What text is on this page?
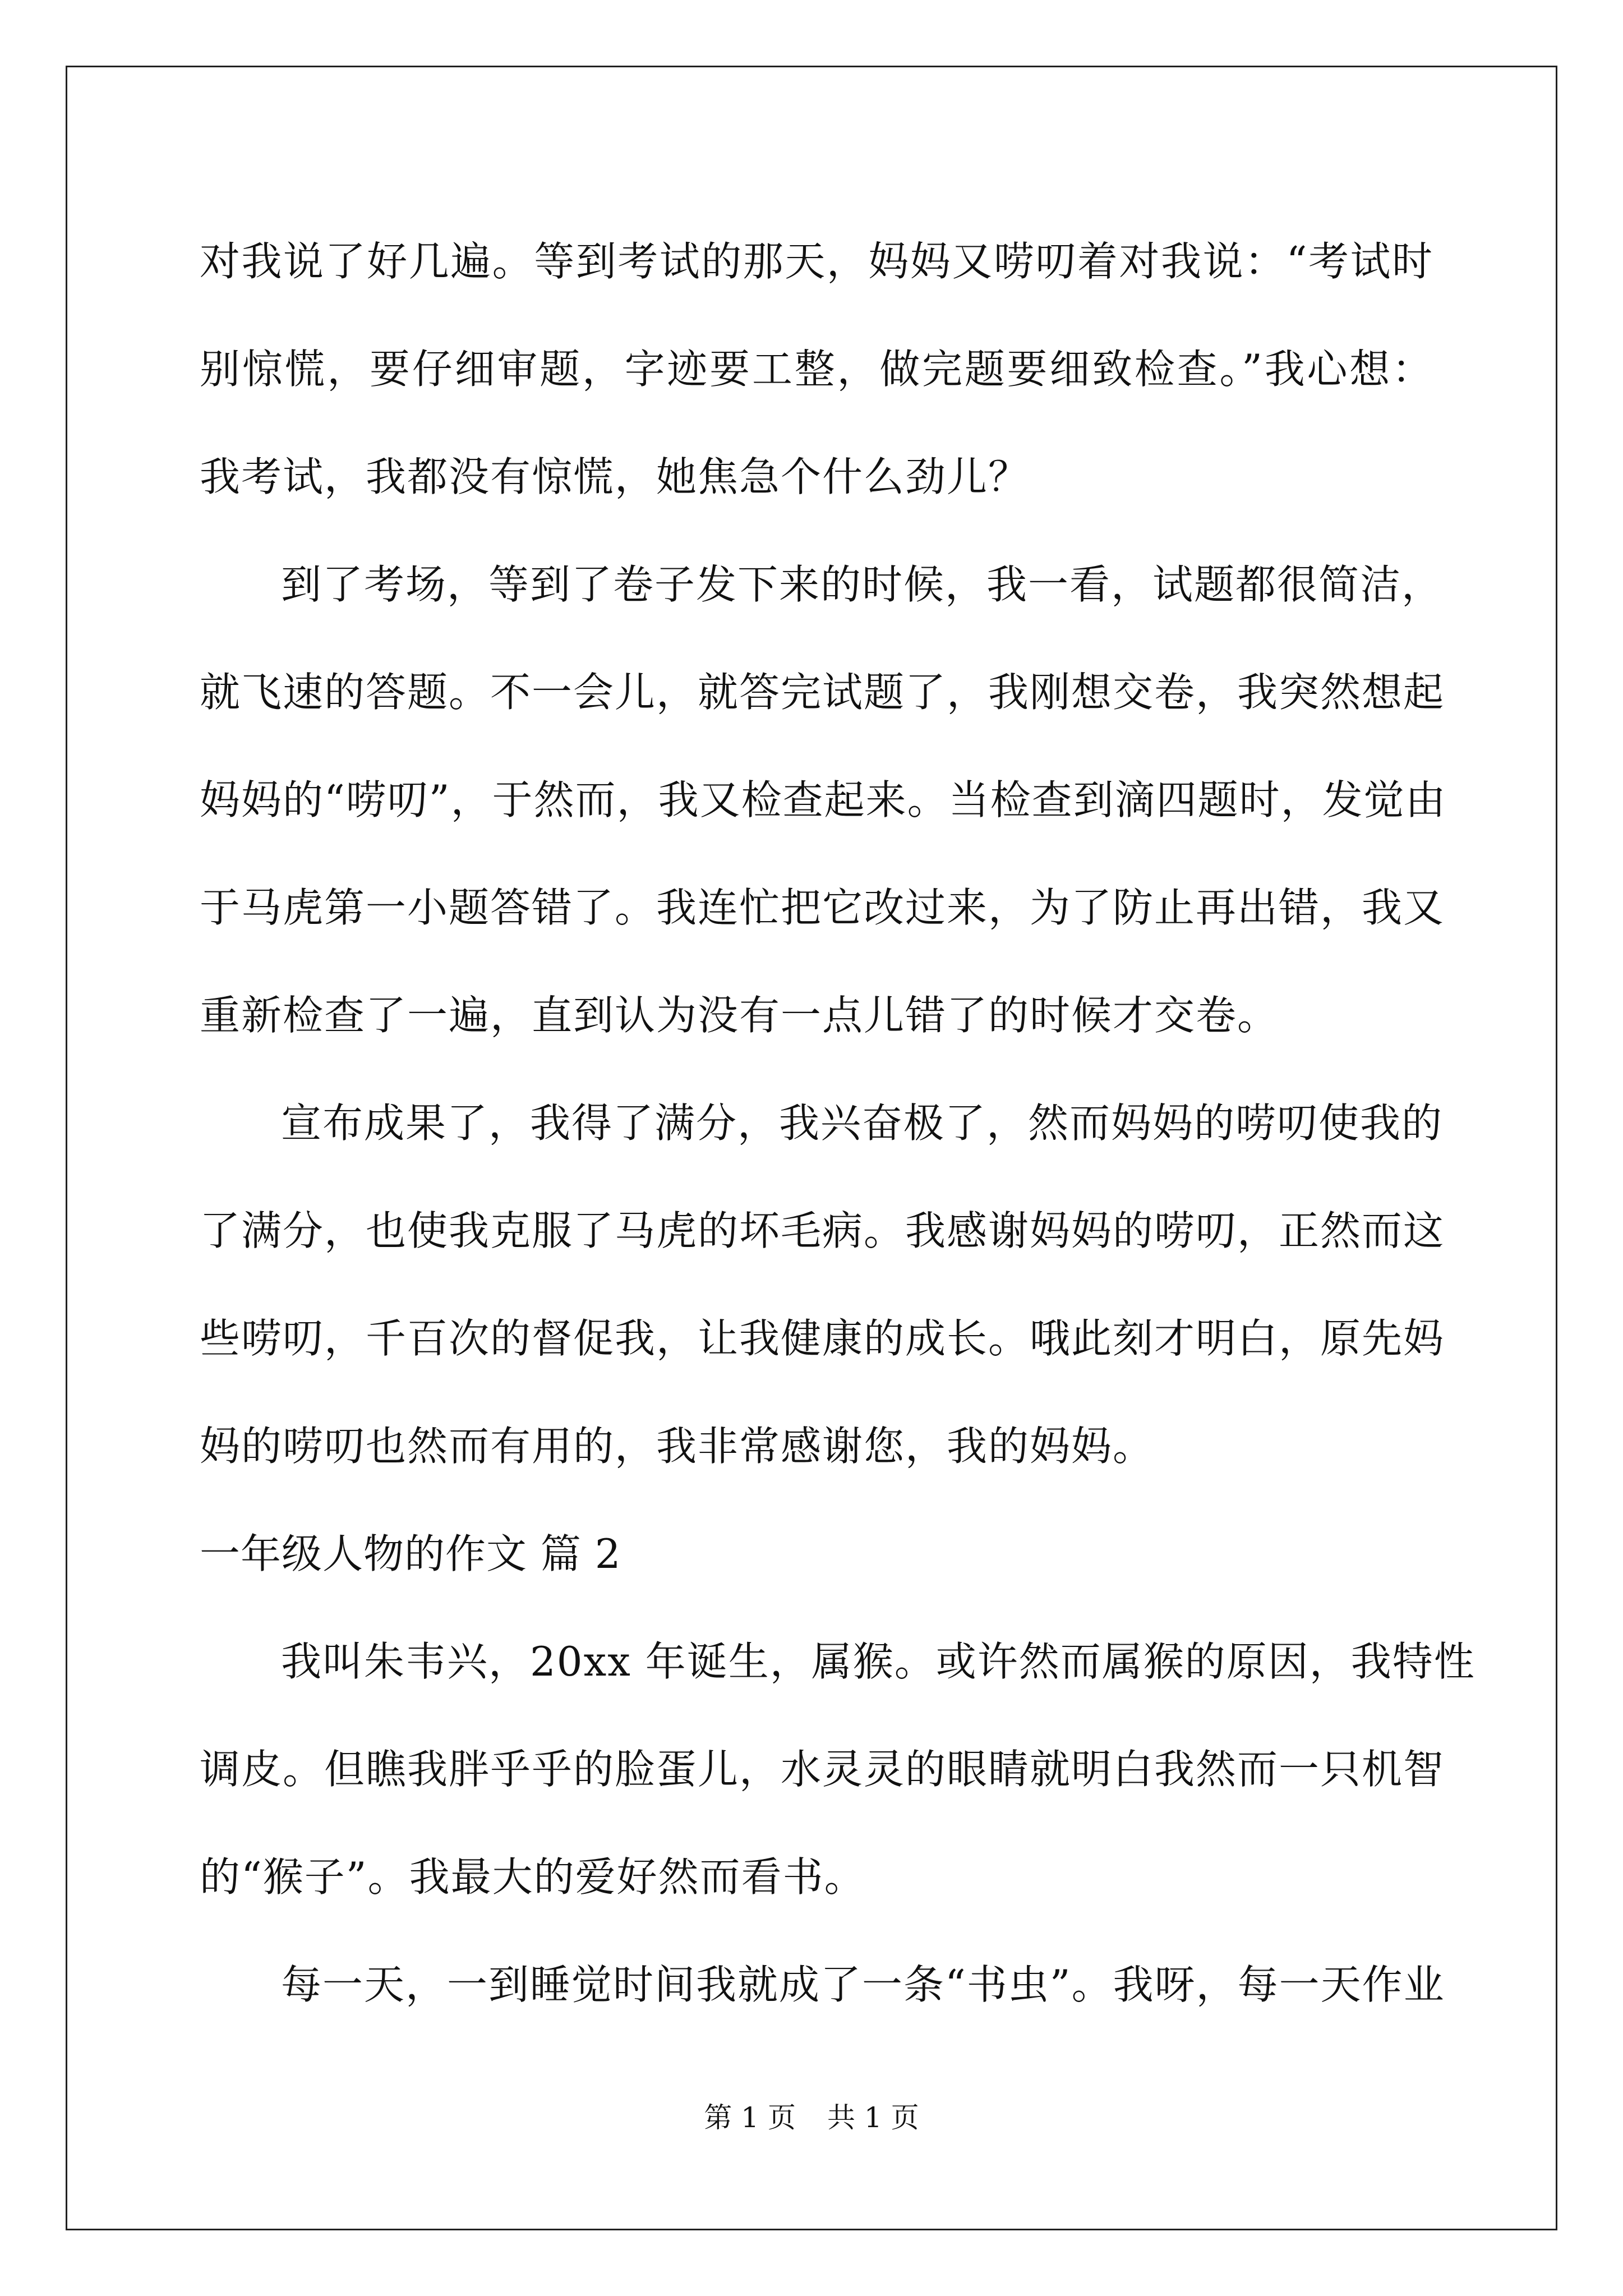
对我说了好几遍。等到考试的那天，妈妈又唠叨着对我说：“考试时
别惊慌，要仔细审题，字迹要工整，做完题要细致检查。”我心想：
我考试，我都没有惊慌，她焦急个什么劲儿？
到了考场，等到了卷子发下来的时候，我一看，试题都很简洁，
就飞速的答题。不一会儿，就答完试题了，我刚想交卷，我突然想起
妈妈的“唠叨”，于然而，我又检查起来。当检查到滴四题时，发觉由
于马虎第一小题答错了。我连忙把它改过来，为了防止再出错，我又
重新检查了一遍，直到认为没有一点儿错了的时候才交卷。
宣布成果了，我得了满分，我兴奋极了，然而妈妈的唠叨使我的
了满分，也使我克服了马虎的坏毛病。我感谢妈妈的唠叨，正然而这
些唠叨，千百次的督促我，让我健康的成长。哦此刻才明白，原先妈
妈的唠叨也然而有用的，我非常感谢您，我的妈妈。
一年级人物的作文 篇 2
我叫朱韦兴，20xx 年诞生，属猴。或许然而属猴的原因，我特性
调皮。但瞧我胖乎乎的脸蛋儿，水灵灵的眼睛就明白我然而一只机智
的“猴子”。我最大的爱好然而看书。
每一天，一到睡觉时间我就成了一条“书虫”。我呀，每一天作业
第 1 页 共 1 页
